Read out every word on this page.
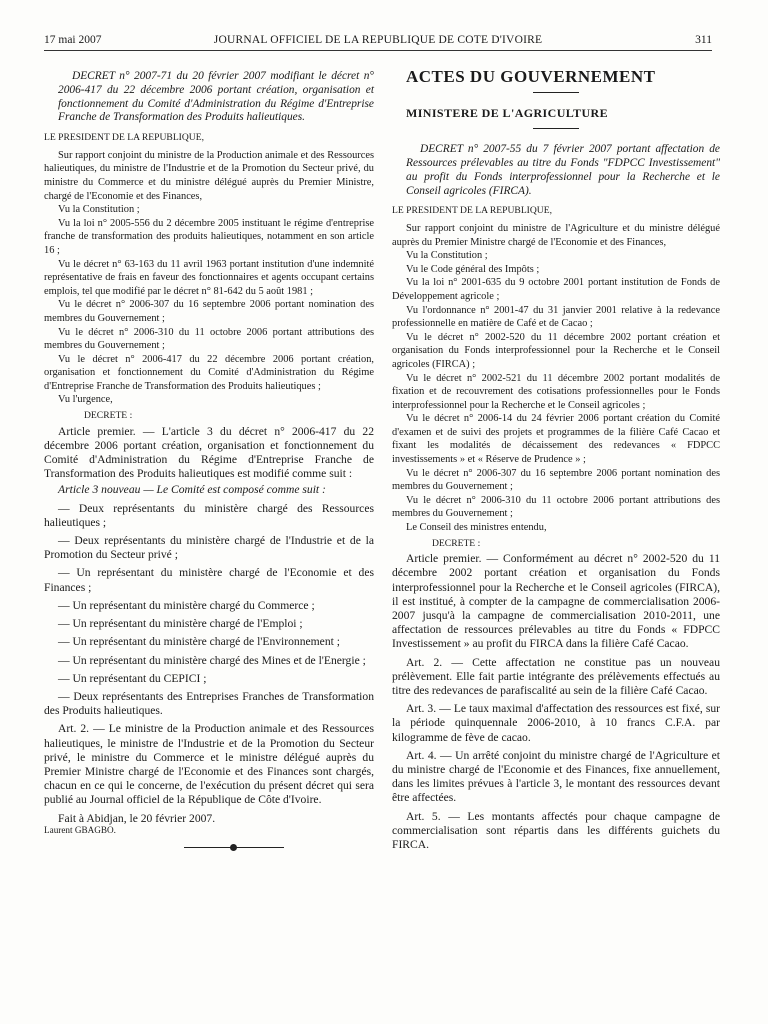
17 mai 2007	JOURNAL OFFICIEL DE LA REPUBLIQUE DE COTE D'IVOIRE	311

DECRET n° 2007-71 du 20 février 2007 modifiant le décret n° 2006-417 du 22 décembre 2006 portant création, organisation et fonctionnement du Comité d'Administration du Régime d'Entreprise Franche de Transformation des Produits halieutiques.

LE PRESIDENT DE LA REPUBLIQUE,

Sur rapport conjoint du ministre de la Production animale et des Ressources halieutiques, du ministre de l'Industrie et de la Promotion du Secteur privé, du ministre du Commerce et du ministre délégué auprès du Premier Ministre, chargé de l'Economie et des Finances,

Vu la Constitution ;

Vu la loi n° 2005-556 du 2 décembre 2005 instituant le régime d'entreprise franche de transformation des produits halieutiques, notamment en son article 16 ;

Vu le décret n° 63-163 du 11 avril 1963 portant institution d'une indemnité représentative de frais en faveur des fonctionnaires et agents occupant certains emplois, tel que modifié par le décret n° 81-642 du 5 août 1981 ;

Vu le décret n° 2006-307 du 16 septembre 2006 portant nomination des membres du Gouvernement ;

Vu le décret n° 2006-310 du 11 octobre 2006 portant attributions des membres du Gouvernement ;

Vu le décret n° 2006-417 du 22 décembre 2006 portant création, organisation et fonctionnement du Comité d'Administration du Régime d'Entreprise Franche de Transformation des Produits halieutiques ;

Vu l'urgence,

DECRETE :

Article premier. — L'article 3 du décret n° 2006-417 du 22 décembre 2006 portant création, organisation et fonctionnement du Comité d'Administration du Régime d'Entreprise Franche de Transformation des Produits halieutiques est modifié comme suit :

Article 3 nouveau — Le Comité est composé comme suit :

— Deux représentants du ministère chargé des Ressources halieutiques ;

— Deux représentants du ministère chargé de l'Industrie et de la Promotion du Secteur privé ;

— Un représentant du ministère chargé de l'Economie et des Finances ;

— Un représentant du ministère chargé du Commerce ;

— Un représentant du ministère chargé de l'Emploi ;

— Un représentant du ministère chargé de l'Environnement ;

— Un représentant du ministère chargé des Mines et de l'Energie ;

— Un représentant du CEPICI ;

— Deux représentants des Entreprises Franches de Transformation des Produits halieutiques.

Art. 2. — Le ministre de la Production animale et des Ressources halieutiques, le ministre de l'Industrie et de la Promotion du Secteur privé, le ministre du Commerce et le ministre délégué auprès du Premier Ministre chargé de l'Economie et des Finances sont chargés, chacun en ce qui le concerne, de l'exécution du présent décret qui sera publié au Journal officiel de la République de Côte d'Ivoire.

Fait à Abidjan, le 20 février 2007.

Laurent GBAGBO.

ACTES DU GOUVERNEMENT

MINISTERE DE L'AGRICULTURE

DECRET n° 2007-55 du 7 février 2007 portant affectation de Ressources prélevables au titre du Fonds "FDPCC Investissement" au profit du Fonds interprofessionnel pour la Recherche et le Conseil agricoles (FIRCA).

LE PRESIDENT DE LA REPUBLIQUE,

Sur rapport conjoint du ministre de l'Agriculture et du ministre délégué auprès du Premier Ministre chargé de l'Economie et des Finances,

Vu la Constitution ;

Vu le Code général des Impôts ;

Vu la loi n° 2001-635 du 9 octobre 2001 portant institution de Fonds de Développement agricole ;

Vu l'ordonnance n° 2001-47 du 31 janvier 2001 relative à la redevance professionnelle en matière de Café et de Cacao ;

Vu le décret n° 2002-520 du 11 décembre 2002 portant création et organisation du Fonds interprofessionnel pour la Recherche et le Conseil agricoles (FIRCA) ;

Vu le décret n° 2002-521 du 11 décembre 2002 portant modalités de fixation et de recouvrement des cotisations professionnelles pour le Fonds interprofessionnel pour la Recherche et le Conseil agricoles ;

Vu le décret n° 2006-14 du 24 février 2006 portant création du Comité d'examen et de suivi des projets et programmes de la filière Café Cacao et fixant les modalités de décaissement des redevances « FDPCC investissements » et « Réserve de Prudence » ;

Vu le décret n° 2006-307 du 16 septembre 2006 portant nomination des membres du Gouvernement ;

Vu le décret n° 2006-310 du 11 octobre 2006 portant attributions des membres du Gouvernement ;

Le Conseil des ministres entendu,

DECRETE :

Article premier. — Conformément au décret n° 2002-520 du 11 décembre 2002 portant création et organisation du Fonds interprofessionnel pour la Recherche et le Conseil agricoles (FIRCA), il est institué, à compter de la campagne de commercialisation 2006-2007 jusqu'à la campagne de commercialisation 2010-2011, une affectation de ressources prélevables au titre du Fonds « FDPCC Investissement » au profit du FIRCA dans la filière Café Cacao.

Art. 2. — Cette affectation ne constitue pas un nouveau prélèvement. Elle fait partie intégrante des prélèvements effectués au titre des redevances de parafiscalité au sein de la filière Café Cacao.

Art. 3. — Le taux maximal d'affectation des ressources est fixé, sur la période quinquennale 2006-2010, à 10 francs C.F.A. par kilogramme de fève de cacao.

Art. 4. — Un arrêté conjoint du ministre chargé de l'Agriculture et du ministre chargé de l'Economie et des Finances, fixe annuellement, dans les limites prévues à l'article 3, le montant des ressources devant être affectées.

Art. 5. — Les montants affectés pour chaque campagne de commercialisation sont répartis dans les différents guichets du FIRCA.
